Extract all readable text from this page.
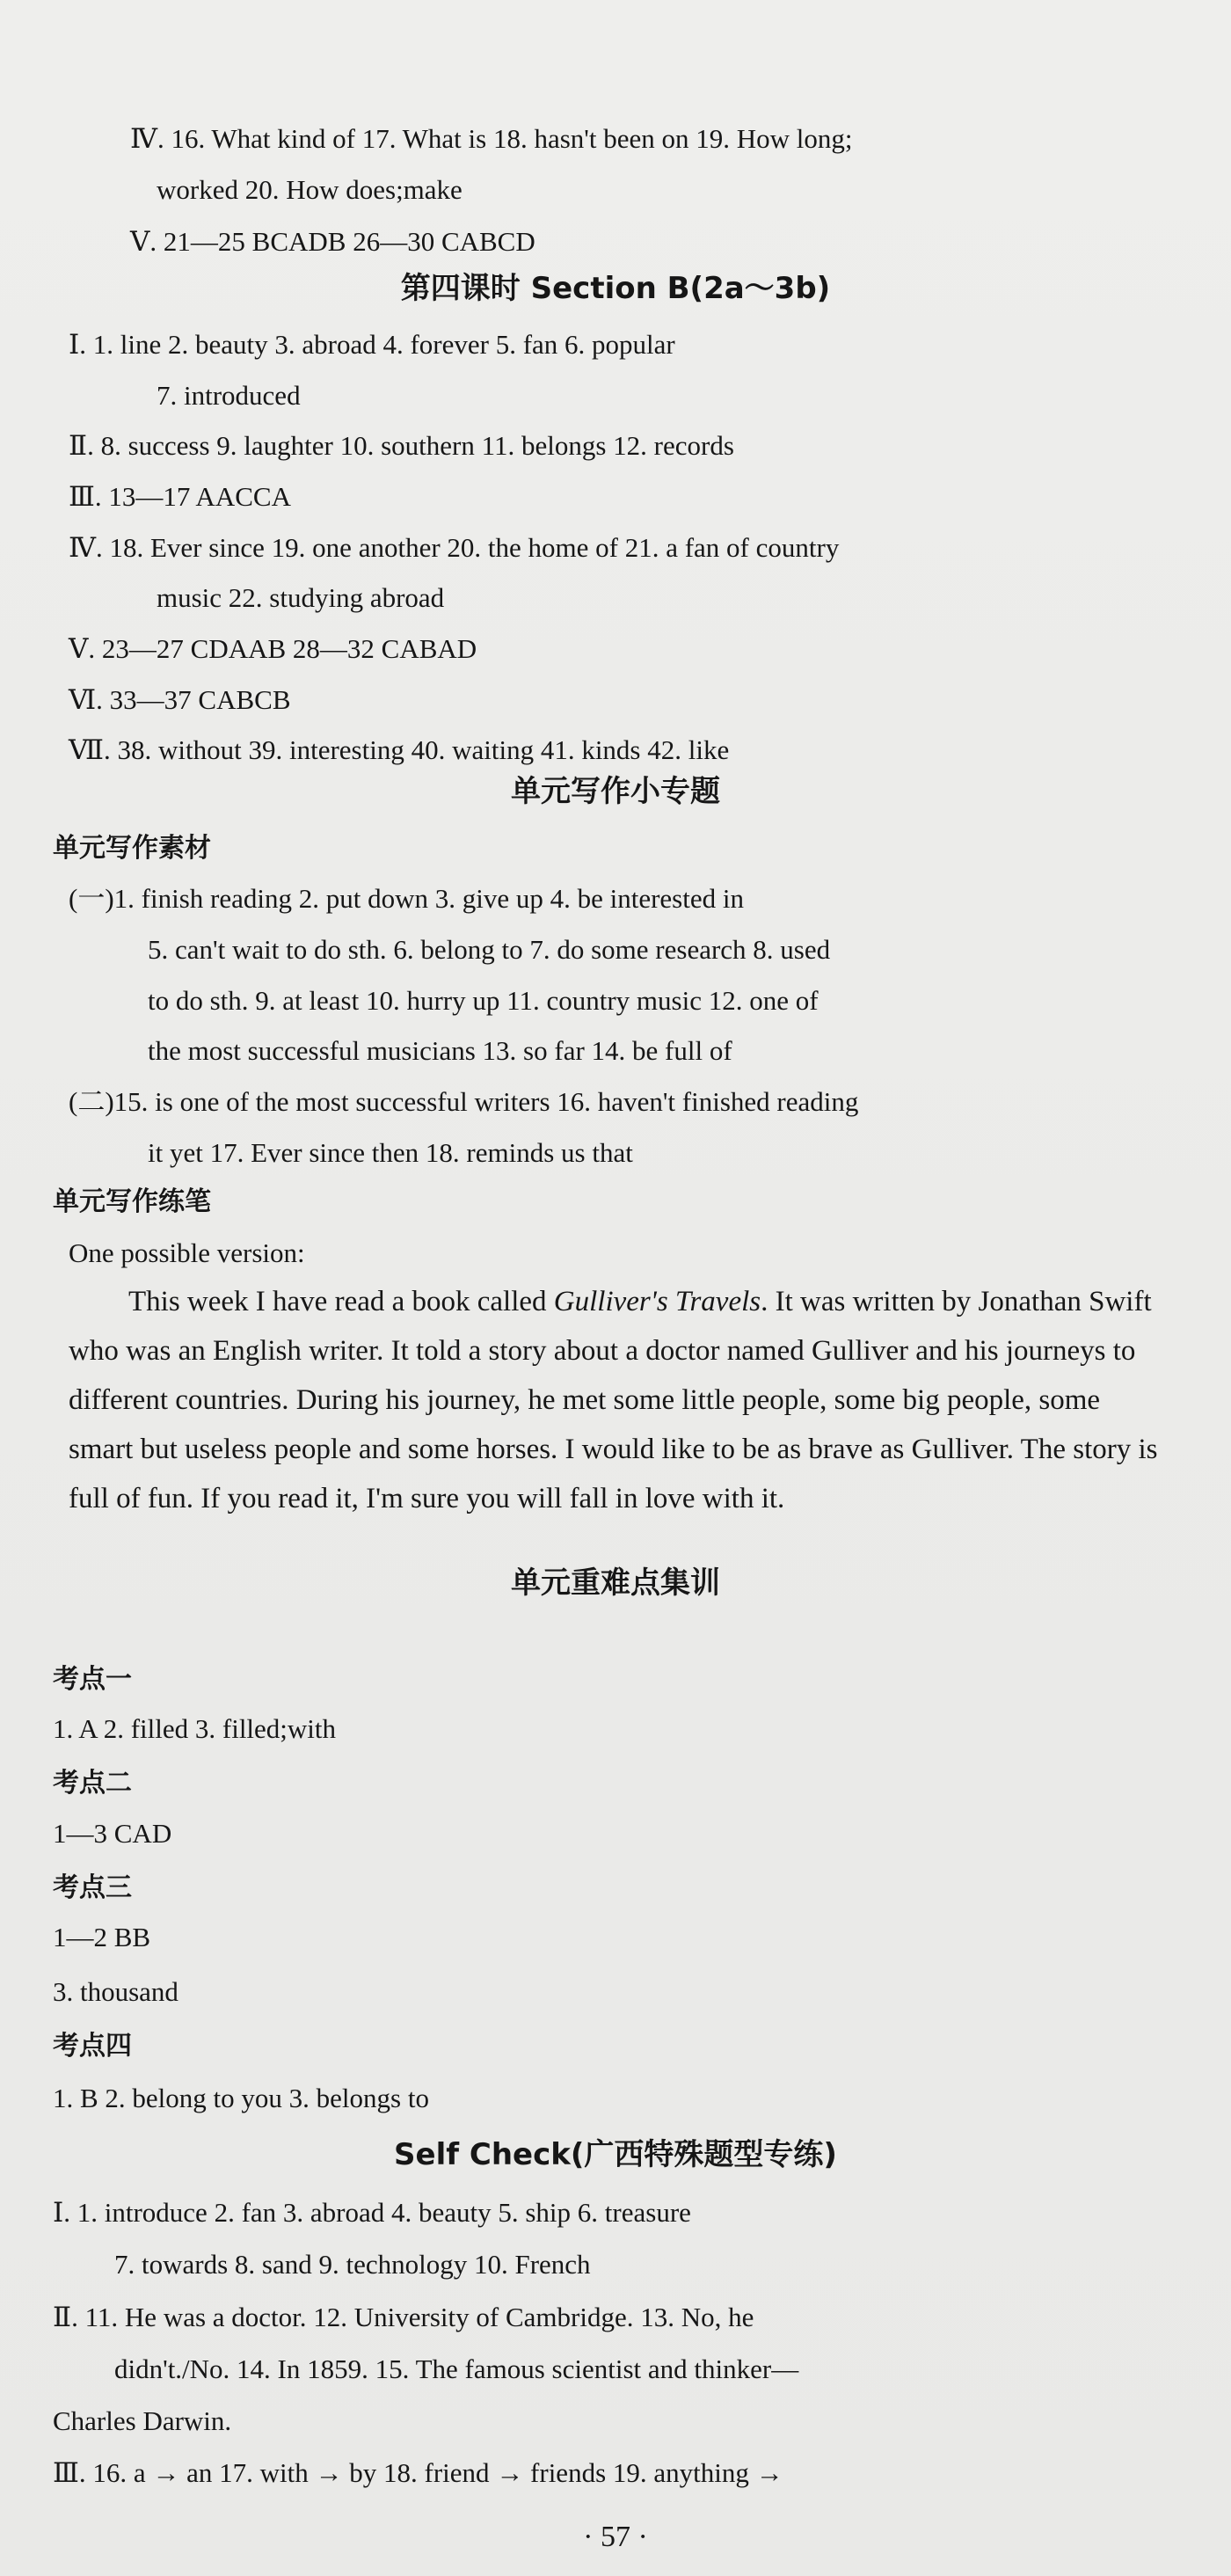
Ⅳ. 16. What kind of 17. What is 18. hasn't been on 19. How long;
worked 20. How does;make
Ⅴ. 21—25 BCADB 26—30 CABCD
Ⅰ. 1. line 2. beauty 3. abroad 4. forever 5. fan 6. popular
7. introduced
Ⅱ. 8. success 9. laughter 10. southern 11. belongs 12. records
Ⅲ. 13—17 AACCA
Ⅳ. 18. Ever since 19. one another 20. the home of 21. a fan of country
music 22. studying abroad
Ⅴ. 23—27 CDAAB 28—32 CABAD
Ⅵ. 33—37 CABCB
Ⅶ. 38. without 39. interesting 40. waiting 41. kinds 42. like
(一)1. finish reading 2. put down 3. give up 4. be interested in
5. can't wait to do sth. 6. belong to 7. do some research 8. used
to do sth. 9. at least 10. hurry up 11. country music 12. one of
the most successful musicians 13. so far 14. be full of
(二)15. is one of the most successful writers 16. haven't finished reading
it yet 17. Ever since then 18. reminds us that
One possible version:
1. A 2. filled 3. filled;with
1—3 CAD
1—2 BB
3. thousand
1. B 2. belong to you 3. belongs to
Ⅰ. 1. introduce 2. fan 3. abroad 4. beauty 5. ship 6. treasure
7. towards 8. sand 9. technology 10. French
Ⅱ. 11. He was a doctor. 12. University of Cambridge. 13. No, he
didn't./No. 14. In 1859. 15. The famous scientist and thinker—
Charles Darwin.
Ⅲ. 16. a → an 17. with → by 18. friend → friends 19. anything →
第四课时 Section B(2a～3b)
单元写作小专题
单元重难点集训
Self Check(广西特殊题型专练)
单元写作素材
单元写作练笔
考点一
考点二
考点三
考点四
This week I have read a book called Gulliver's Travels. It was written by Jonathan Swift who was an English writer. It told a story about a doctor named Gulliver and his journeys to different countries. During his journey, he met some little people, some big people, some smart but useless people and some horses. I would like to be as brave as Gulliver. The story is full of fun. If you read it, I'm sure you will fall in love with it.
· 57 ·
